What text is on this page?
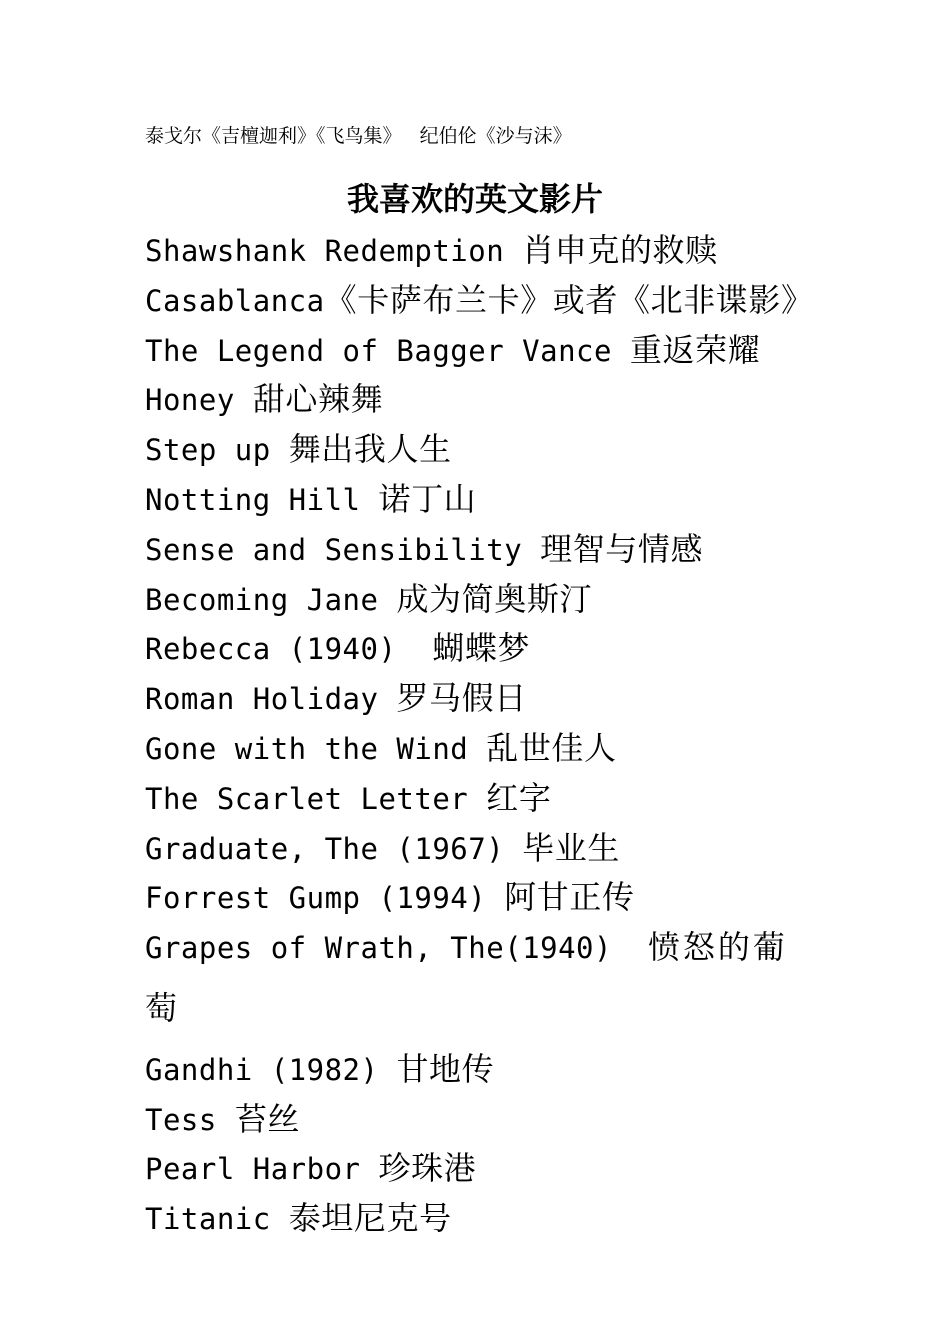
泰戈尔《吉檀迦利》《飞鸟集》   纪伯伦《沙与沫》
我喜欢的英文影片
Shawshank Redemption 肖申克的救赎
Casablanca《卡萨布兰卡》或者《北非谍影》
The Legend of Bagger Vance 重返荣耀
Honey 甜心辣舞
Step up 舞出我人生
Notting Hill 诺丁山
Sense and Sensibility 理智与情感
Becoming Jane 成为简奥斯汀
Rebecca (1940)  蝴蝶梦
Roman Holiday 罗马假日
Gone with the Wind 乱世佳人
The Scarlet Letter 红字
Graduate, The (1967) 毕业生
Forrest Gump (1994) 阿甘正传
Grapes of Wrath, The(1940)  愤怒的葡萄
Gandhi (1982) 甘地传
Tess 苔丝
Pearl Harbor 珍珠港
Titanic 泰坦尼克号
